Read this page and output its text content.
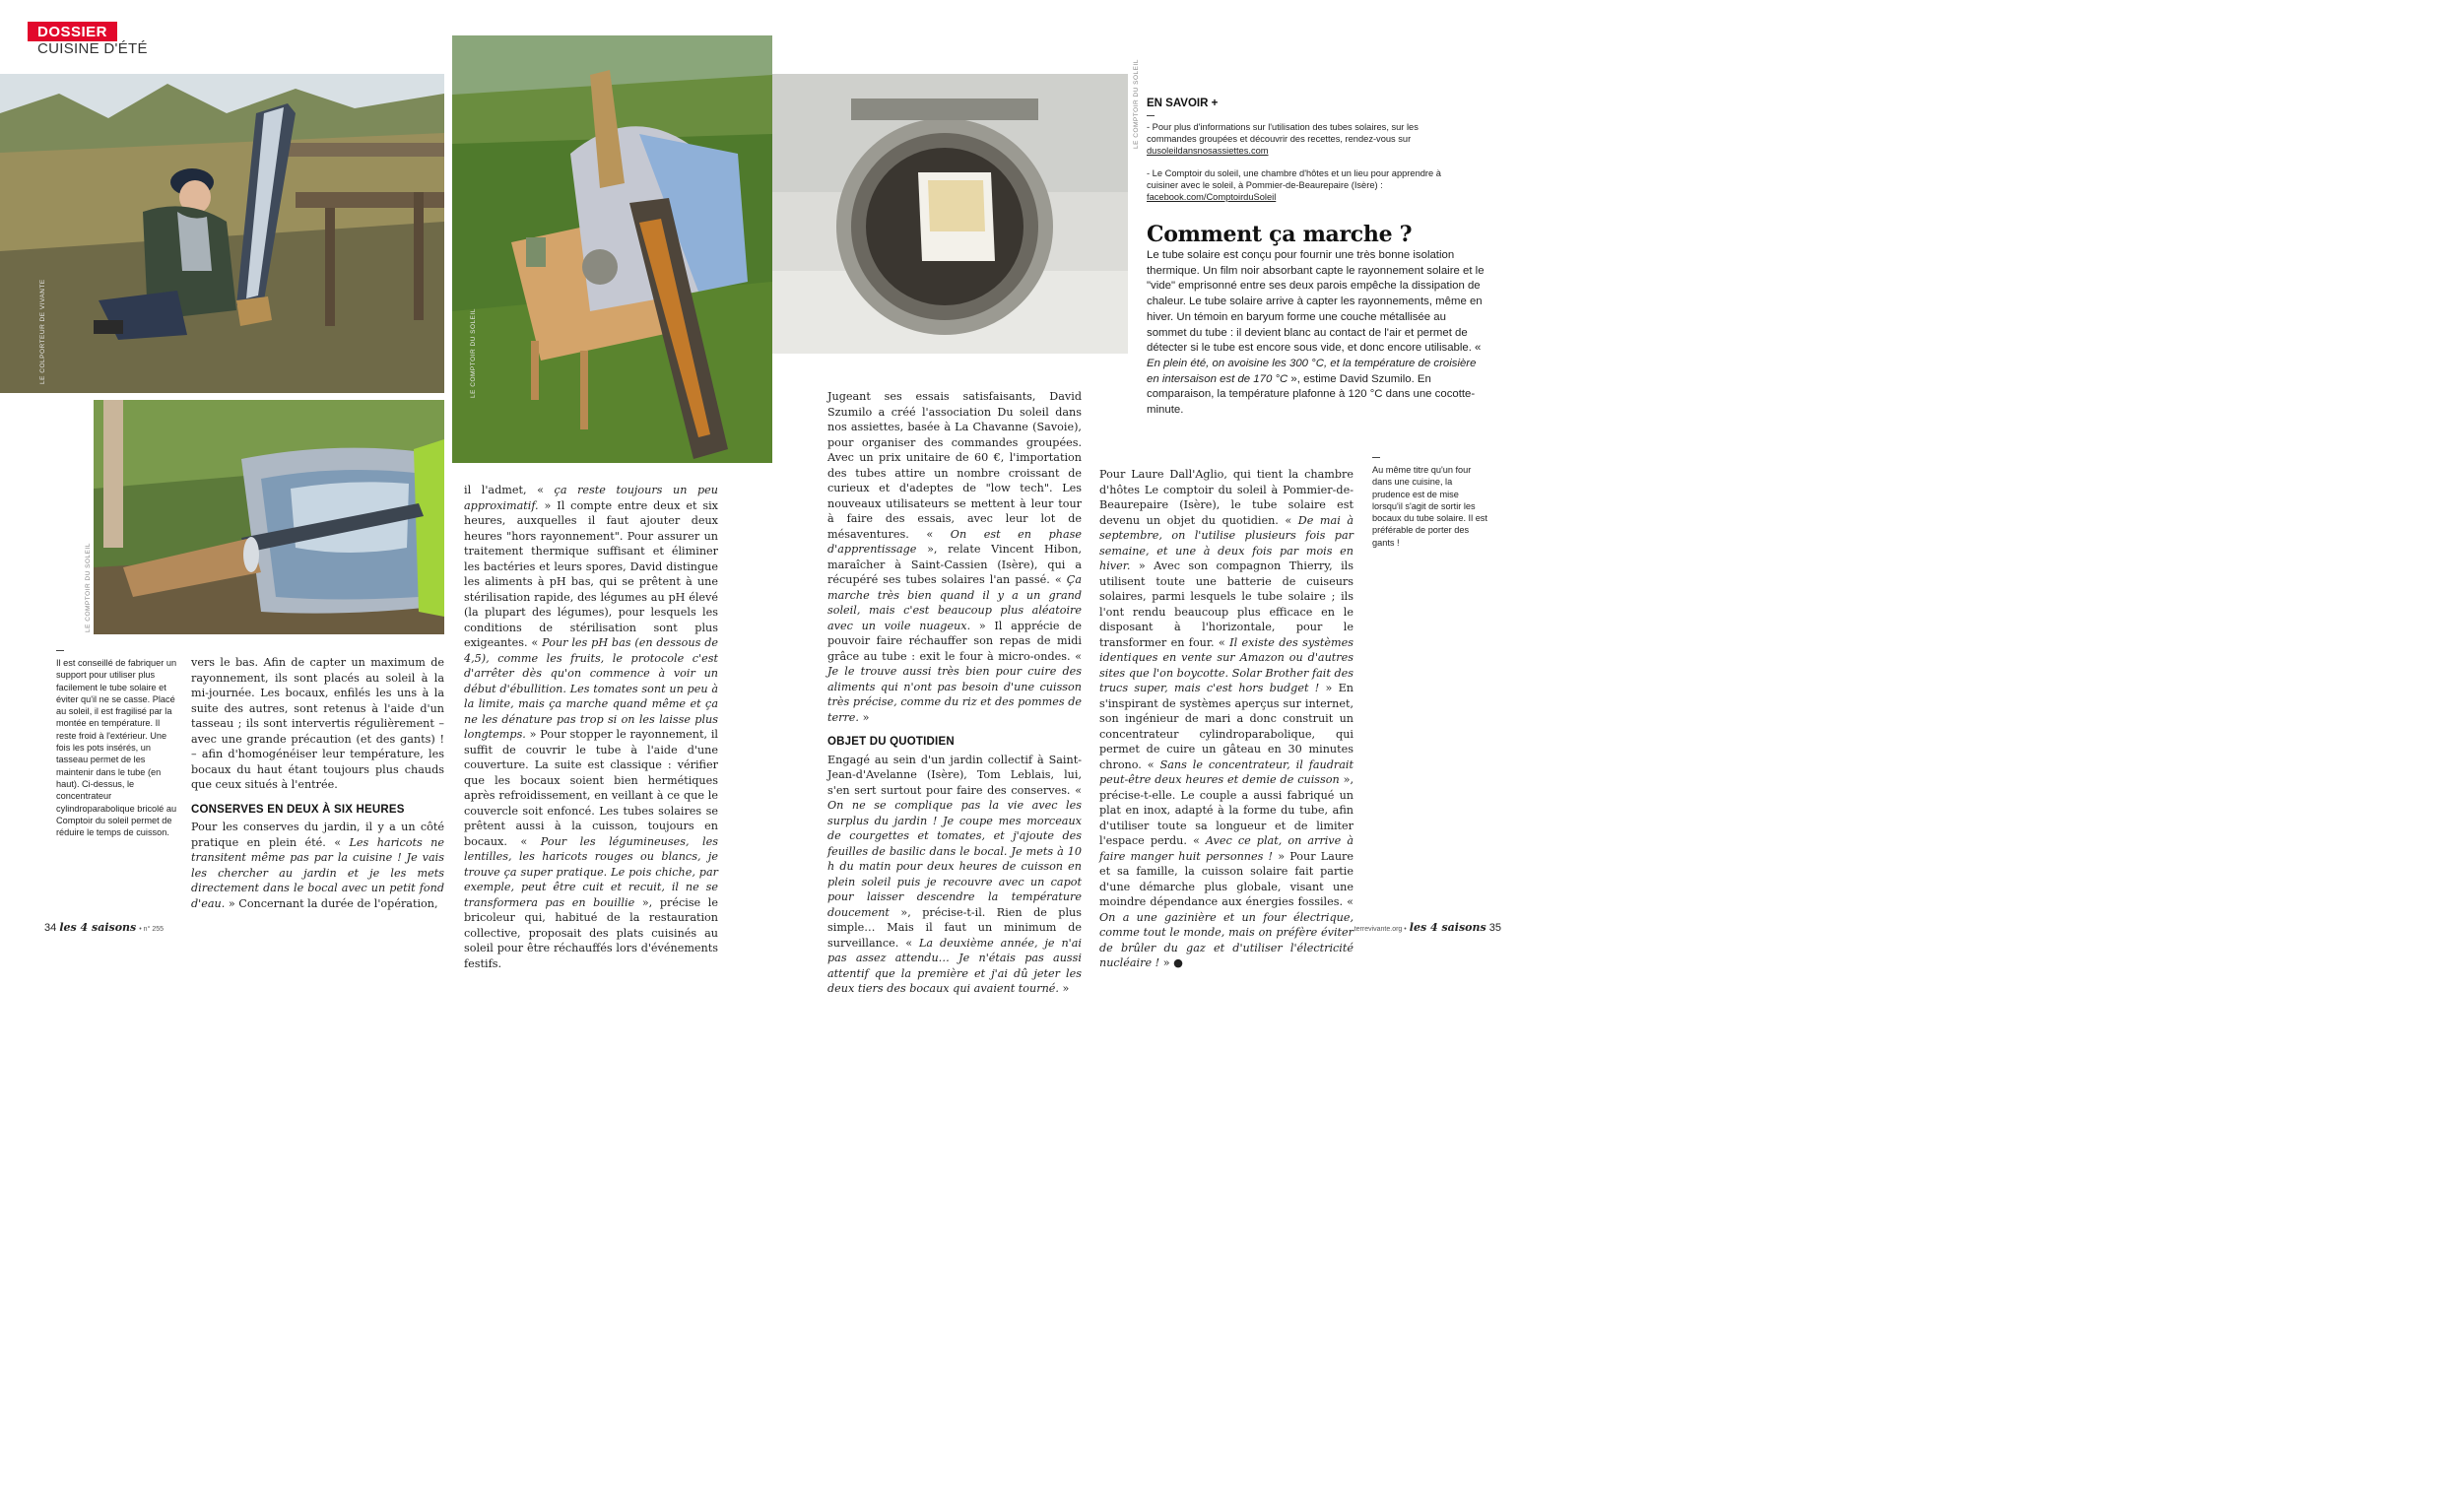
DOSSIER
CUISINE D'ÉTÉ
LE COLPORTEUR DE VIVANTE
LE COMPTOIR DU SOLEIL
LE COMPTOIR DU SOLEIL
LE COMPTOIR DU SOLEIL
Il est conseillé de fabriquer un support pour utiliser plus facilement le tube solaire et éviter qu'il ne se casse. Placé au soleil, il est fragilisé par la montée en température. Il reste froid à l'extérieur. Une fois les pots insérés, un tasseau permet de les maintenir dans le tube (en haut). Ci-dessus, le concentrateur cylindroparabolique bricolé au Comptoir du soleil permet de réduire le temps de cuisson.

vers le bas. Afin de capter un maximum de rayonnement, ils sont placés au soleil à la mi-journée. Les bocaux, enfilés les uns à la suite des autres, sont retenus à l'aide d'un tasseau ; ils sont intervertis régulièrement – avec une grande précaution (et des gants) ! – afin d'homogénéiser leur température, les bocaux du haut étant toujours plus chauds que ceux situés à l'entrée.

CONSERVES EN DEUX À SIX HEURES

Pour les conserves du jardin, il y a un côté pratique en plein été. « Les haricots ne transitent même pas par la cuisine ! Je vais les chercher au jardin et je les mets directement dans le bocal avec un petit fond d'eau. » Concernant la durée de l'opération,

il l'admet, « ça reste toujours un peu approximatif. » Il compte entre deux et six heures, auxquelles il faut ajouter deux heures "hors rayonnement". Pour assurer un traitement thermique suffisant et éliminer les bactéries et leurs spores, David distingue les aliments à pH bas, qui se prêtent à une stérilisation rapide, des légumes au pH élevé (la plupart des légumes), pour lesquels les conditions de stérilisation sont plus exigeantes. « Pour les pH bas (en dessous de 4,5), comme les fruits, le protocole c'est d'arrêter dès qu'on commence à voir un début d'ébullition. Les tomates sont un peu à la limite, mais ça marche quand même et ça ne les dénature pas trop si on les laisse plus longtemps. » Pour stopper le rayonnement, il suffit de couvrir le tube à l'aide d'une couverture. La suite est classique : vérifier que les bocaux soient bien hermétiques après refroidissement, en veillant à ce que le couvercle soit enfoncé. Les tubes solaires se prêtent aussi à la cuisson, toujours en bocaux. « Pour les légumineuses, les lentilles, les haricots rouges ou blancs, je trouve ça super pratique. Le pois chiche, par exemple, peut être cuit et recuit, il ne se transformera pas en bouillie », précise le bricoleur qui, habitué de la restauration collective, proposait des plats cuisinés au soleil pour être réchauffés lors d'événements festifs.

Jugeant ses essais satisfaisants, David Szumilo a créé l'association Du soleil dans nos assiettes, basée à La Chavanne (Savoie), pour organiser des commandes groupées. Avec un prix unitaire de 60 €, l'importation des tubes attire un nombre croissant de curieux et d'adeptes de "low tech". Les nouveaux utilisateurs se mettent à leur tour à faire des essais, avec leur lot de mésaventures. « On est en phase d'apprentissage », relate Vincent Hibon, maraîcher à Saint-Cassien (Isère), qui a récupéré ses tubes solaires l'an passé. « Ça marche très bien quand il y a un grand soleil, mais c'est beaucoup plus aléatoire avec un voile nuageux. » Il apprécie de pouvoir faire réchauffer son repas de midi grâce au tube : exit le four à micro-ondes. « Je le trouve aussi très bien pour cuire des aliments qui n'ont pas besoin d'une cuisson très précise, comme du riz et des pommes de terre. »

OBJET DU QUOTIDIEN

Engagé au sein d'un jardin collectif à Saint-Jean-d'Avelanne (Isère), Tom Leblais, lui, s'en sert surtout pour faire des conserves. « On ne se complique pas la vie avec les surplus du jardin ! Je coupe mes morceaux de courgettes et tomates, et j'ajoute des feuilles de basilic dans le bocal. Je mets à 10 h du matin pour deux heures de cuisson en plein soleil puis je recouvre avec un capot pour laisser descendre la température doucement », précise-t-il. Rien de plus simple… Mais il faut un minimum de surveillance. « La deuxième année, je n'ai pas assez attendu… Je n'étais pas aussi attentif que la première et j'ai dû jeter les deux tiers des bocaux qui avaient tourné. »

Pour Laure Dall'Aglio, qui tient la chambre d'hôtes Le comptoir du soleil à Pommier-de-Beaurepaire (Isère), le tube solaire est devenu un objet du quotidien. « De mai à septembre, on l'utilise plusieurs fois par semaine, et une à deux fois par mois en hiver. » Avec son compagnon Thierry, ils utilisent toute une batterie de cuiseurs solaires, parmi lesquels le tube solaire ; ils l'ont rendu beaucoup plus efficace en le disposant à l'horizontale, pour le transformer en four. « Il existe des systèmes identiques en vente sur Amazon ou d'autres sites que l'on boycotte. Solar Brother fait des trucs super, mais c'est hors budget ! » En s'inspirant de systèmes aperçus sur internet, son ingénieur de mari a donc construit un concentrateur cylindroparabolique, qui permet de cuire un gâteau en 30 minutes chrono. « Sans le concentrateur, il faudrait peut-être deux heures et demie de cuisson », précise-t-elle. Le couple a aussi fabriqué un plat en inox, adapté à la forme du tube, afin d'utiliser toute sa longueur et de limiter l'espace perdu. « Avec ce plat, on arrive à faire manger huit personnes ! » Pour Laure et sa famille, la cuisson solaire fait partie d'une démarche plus globale, visant une moindre dépendance aux énergies fossiles. « On a une gazinière et un four électrique, comme tout le monde, mais on préfère éviter de brûler du gaz et d'utiliser l'électricité nucléaire ! » ●

Au même titre qu'un four dans une cuisine, la prudence est de mise lorsqu'il s'agit de sortir les bocaux du tube solaire. Il est préférable de porter des gants !
EN SAVOIR +
- Pour plus d'informations sur l'utilisation des tubes solaires, sur les commandes groupées et découvrir des recettes, rendez-vous sur dusoleildansnosassiettes.com
- Le Comptoir du soleil, une chambre d'hôtes et un lieu pour apprendre à cuisiner avec le soleil, à Pommier-de-Beaurepaire (Isère) : facebook.com/ComptoirduSoleil
Comment ça marche ?
Le tube solaire est conçu pour fournir une très bonne isolation thermique. Un film noir absorbant capte le rayonnement solaire et le "vide" emprisonné entre ses deux parois empêche la dissipation de chaleur. Le tube solaire arrive à capter les rayonnements, même en hiver. Un témoin en baryum forme une couche métallisée au sommet du tube : il devient blanc au contact de l'air et permet de détecter si le tube est encore sous vide, et donc encore utilisable. « En plein été, on avoisine les 300 °C, et la température de croisière en intersaison est de 170 °C », estime David Szumilo. En comparaison, la température plafonne à 120 °C dans une cocotte-minute.
34 les 4 saisons • n° 255	terrevivante.org • les 4 saisons 35
